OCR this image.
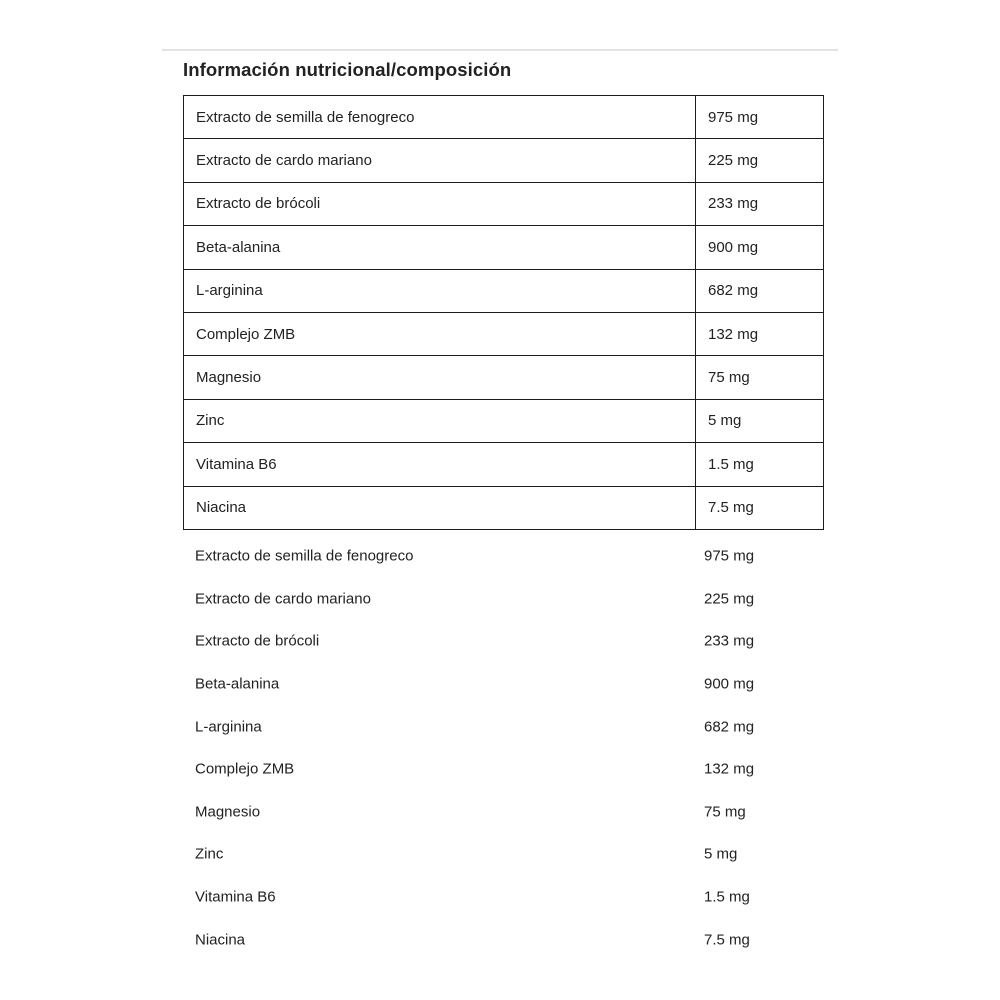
Información nutricional/composición
Extracto de semilla de fenogreco	975 mg
Extracto de cardo mariano	225 mg
Extracto de brócoli	233 mg
Beta-alanina	900 mg
L-arginina	682 mg
Complejo ZMB	132 mg
Magnesio	75 mg
Zinc	5 mg
Vitamina B6	1.5 mg
Niacina	7.5 mg
Extracto de semilla de fenogreco	975 mg
Extracto de cardo mariano	225 mg
Extracto de brócoli	233 mg
Beta-alanina	900 mg
L-arginina	682 mg
Complejo ZMB	132 mg
Magnesio	75 mg
Zinc	5 mg
Vitamina B6	1.5 mg
Niacina	7.5 mg
